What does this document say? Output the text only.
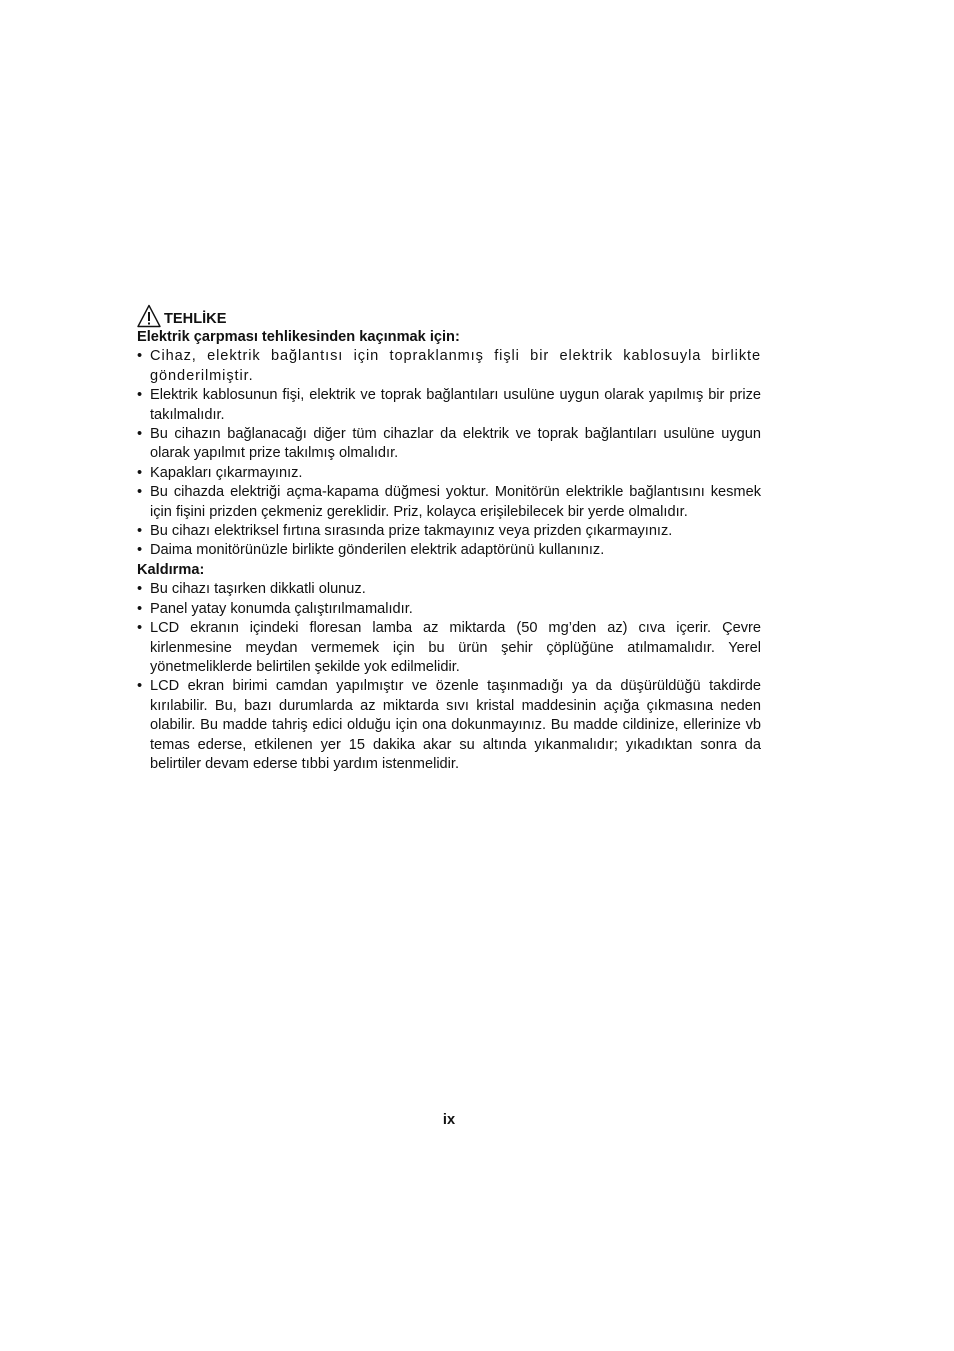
TEHLİKE

Elektrik çarpması tehlikesinden kaçınmak için:

• Cihaz, elektrik bağlantısı için topraklanmış fişli bir elektrik kablosuyla birlikte gönderilmiştir.
• Elektrik kablosunun fişi, elektrik ve toprak bağlantıları usulüne uygun olarak yapılmış bir prize takılmalıdır.
• Bu cihazın bağlanacağı diğer tüm cihazlar da elektrik ve toprak bağlantıları usulüne uygun olarak yapılmıt prize takılmış olmalıdır.
• Kapakları çıkarmayınız.
• Bu cihazda elektriği açma-kapama düğmesi yoktur. Monitörün elektrikle bağlantısını kesmek için fişini prizden çekmeniz gereklidir. Priz, kolayca erişilebilecek bir yerde olmalıdır.
• Bu cihazı elektriksel fırtına sırasında prize takmayınız veya prizden çıkarmayınız.
• Daima monitörünüzle birlikte gönderilen elektrik adaptörünü kullanınız.

Kaldırma:

• Bu cihazı taşırken dikkatli olunuz.
• Panel yatay konumda çalıştırılmamalıdır.
• LCD ekranın içindeki floresan lamba az miktarda (50 mg’den az) cıva içerir. Çevre kirlenmesine meydan vermemek için bu ürün şehir çöplüğüne atılmamalıdır. Yerel yönetmeliklerde belirtilen şekilde yok edilmelidir.
• LCD ekran birimi camdan yapılmıştır ve özenle taşınmadığı ya da düşürüldüğü takdirde kırılabilir. Bu, bazı durumlarda az miktarda sıvı kristal maddesinin açığa çıkmasına neden olabilir. Bu madde tahriş edici olduğu için ona dokunmayınız. Bu madde cildinize, ellerinize vb temas ederse, etkilenen yer 15 dakika akar su altında yıkanmalıdır; yıkadıktan sonra da belirtiler devam ederse tıbbi yardım istenmelidir.
ix
